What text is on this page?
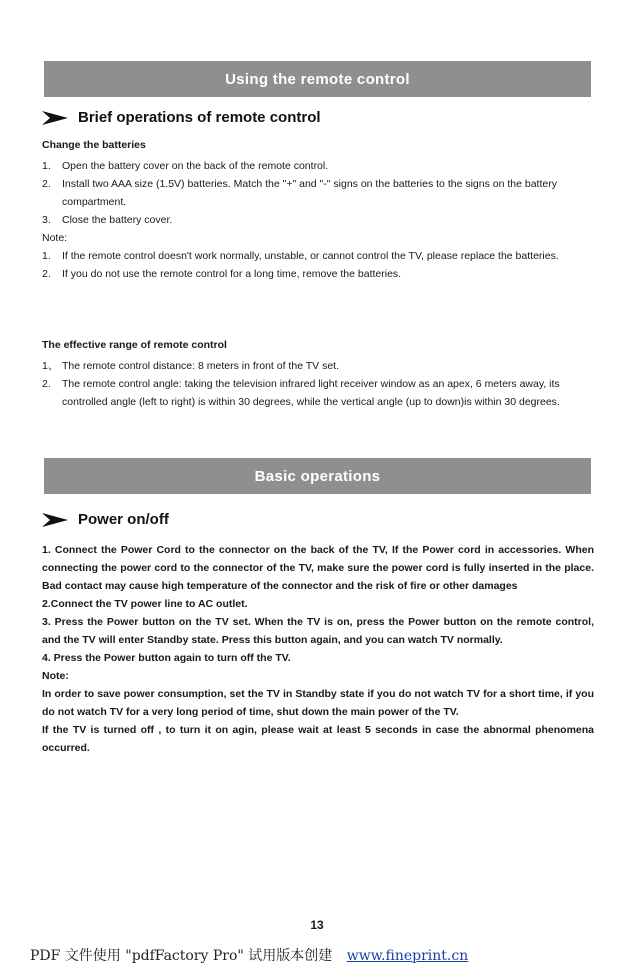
Using the remote control
Brief operations of remote control
Change the batteries
1.	Open the battery cover on the back of the remote control.
2.	Install two AAA size (1.5V) batteries. Match the "+" and "-" signs on the batteries to the signs on the battery compartment.
3.	Close the battery cover.
Note:
1.	If the remote control doesn't work normally, unstable, or cannot control the TV, please replace the batteries.
2.	If you do not use the remote control for a long time, remove the batteries.
The effective range of remote control
1、 The remote control distance: 8 meters in front of the TV set.
2.	The remote control angle: taking the television infrared light receiver window as an apex, 6 meters away, its controlled angle (left to right) is within 30 degrees, while the vertical angle (up to down)is within 30 degrees.
Basic operations
Power on/off
1. Connect the Power Cord to the connector on the back of the TV, If the Power cord in accessories. When connecting the power cord to the connector of the TV, make sure the power cord is fully inserted in the place. Bad contact may cause high temperature of the connector and the risk of fire or other damages
2.Connect the TV power line to AC outlet.
3. Press the Power button on the TV set. When the TV is on, press the Power button on the remote control, and the TV will enter Standby state. Press this button again, and you can watch TV normally.
4. Press the Power button again to turn off the TV.
Note:
In order to save power consumption, set the TV in Standby state if you do not watch TV for a short time, if you do not watch TV for a very long period of time, shut down the main power of the TV.
If the TV is turned off , to turn it on agin, please wait at least 5 seconds in case the abnormal phenomena occurred.
13
PDF 文件使用 "pdfFactory Pro" 试用版本创建 www.fineprint.cn
